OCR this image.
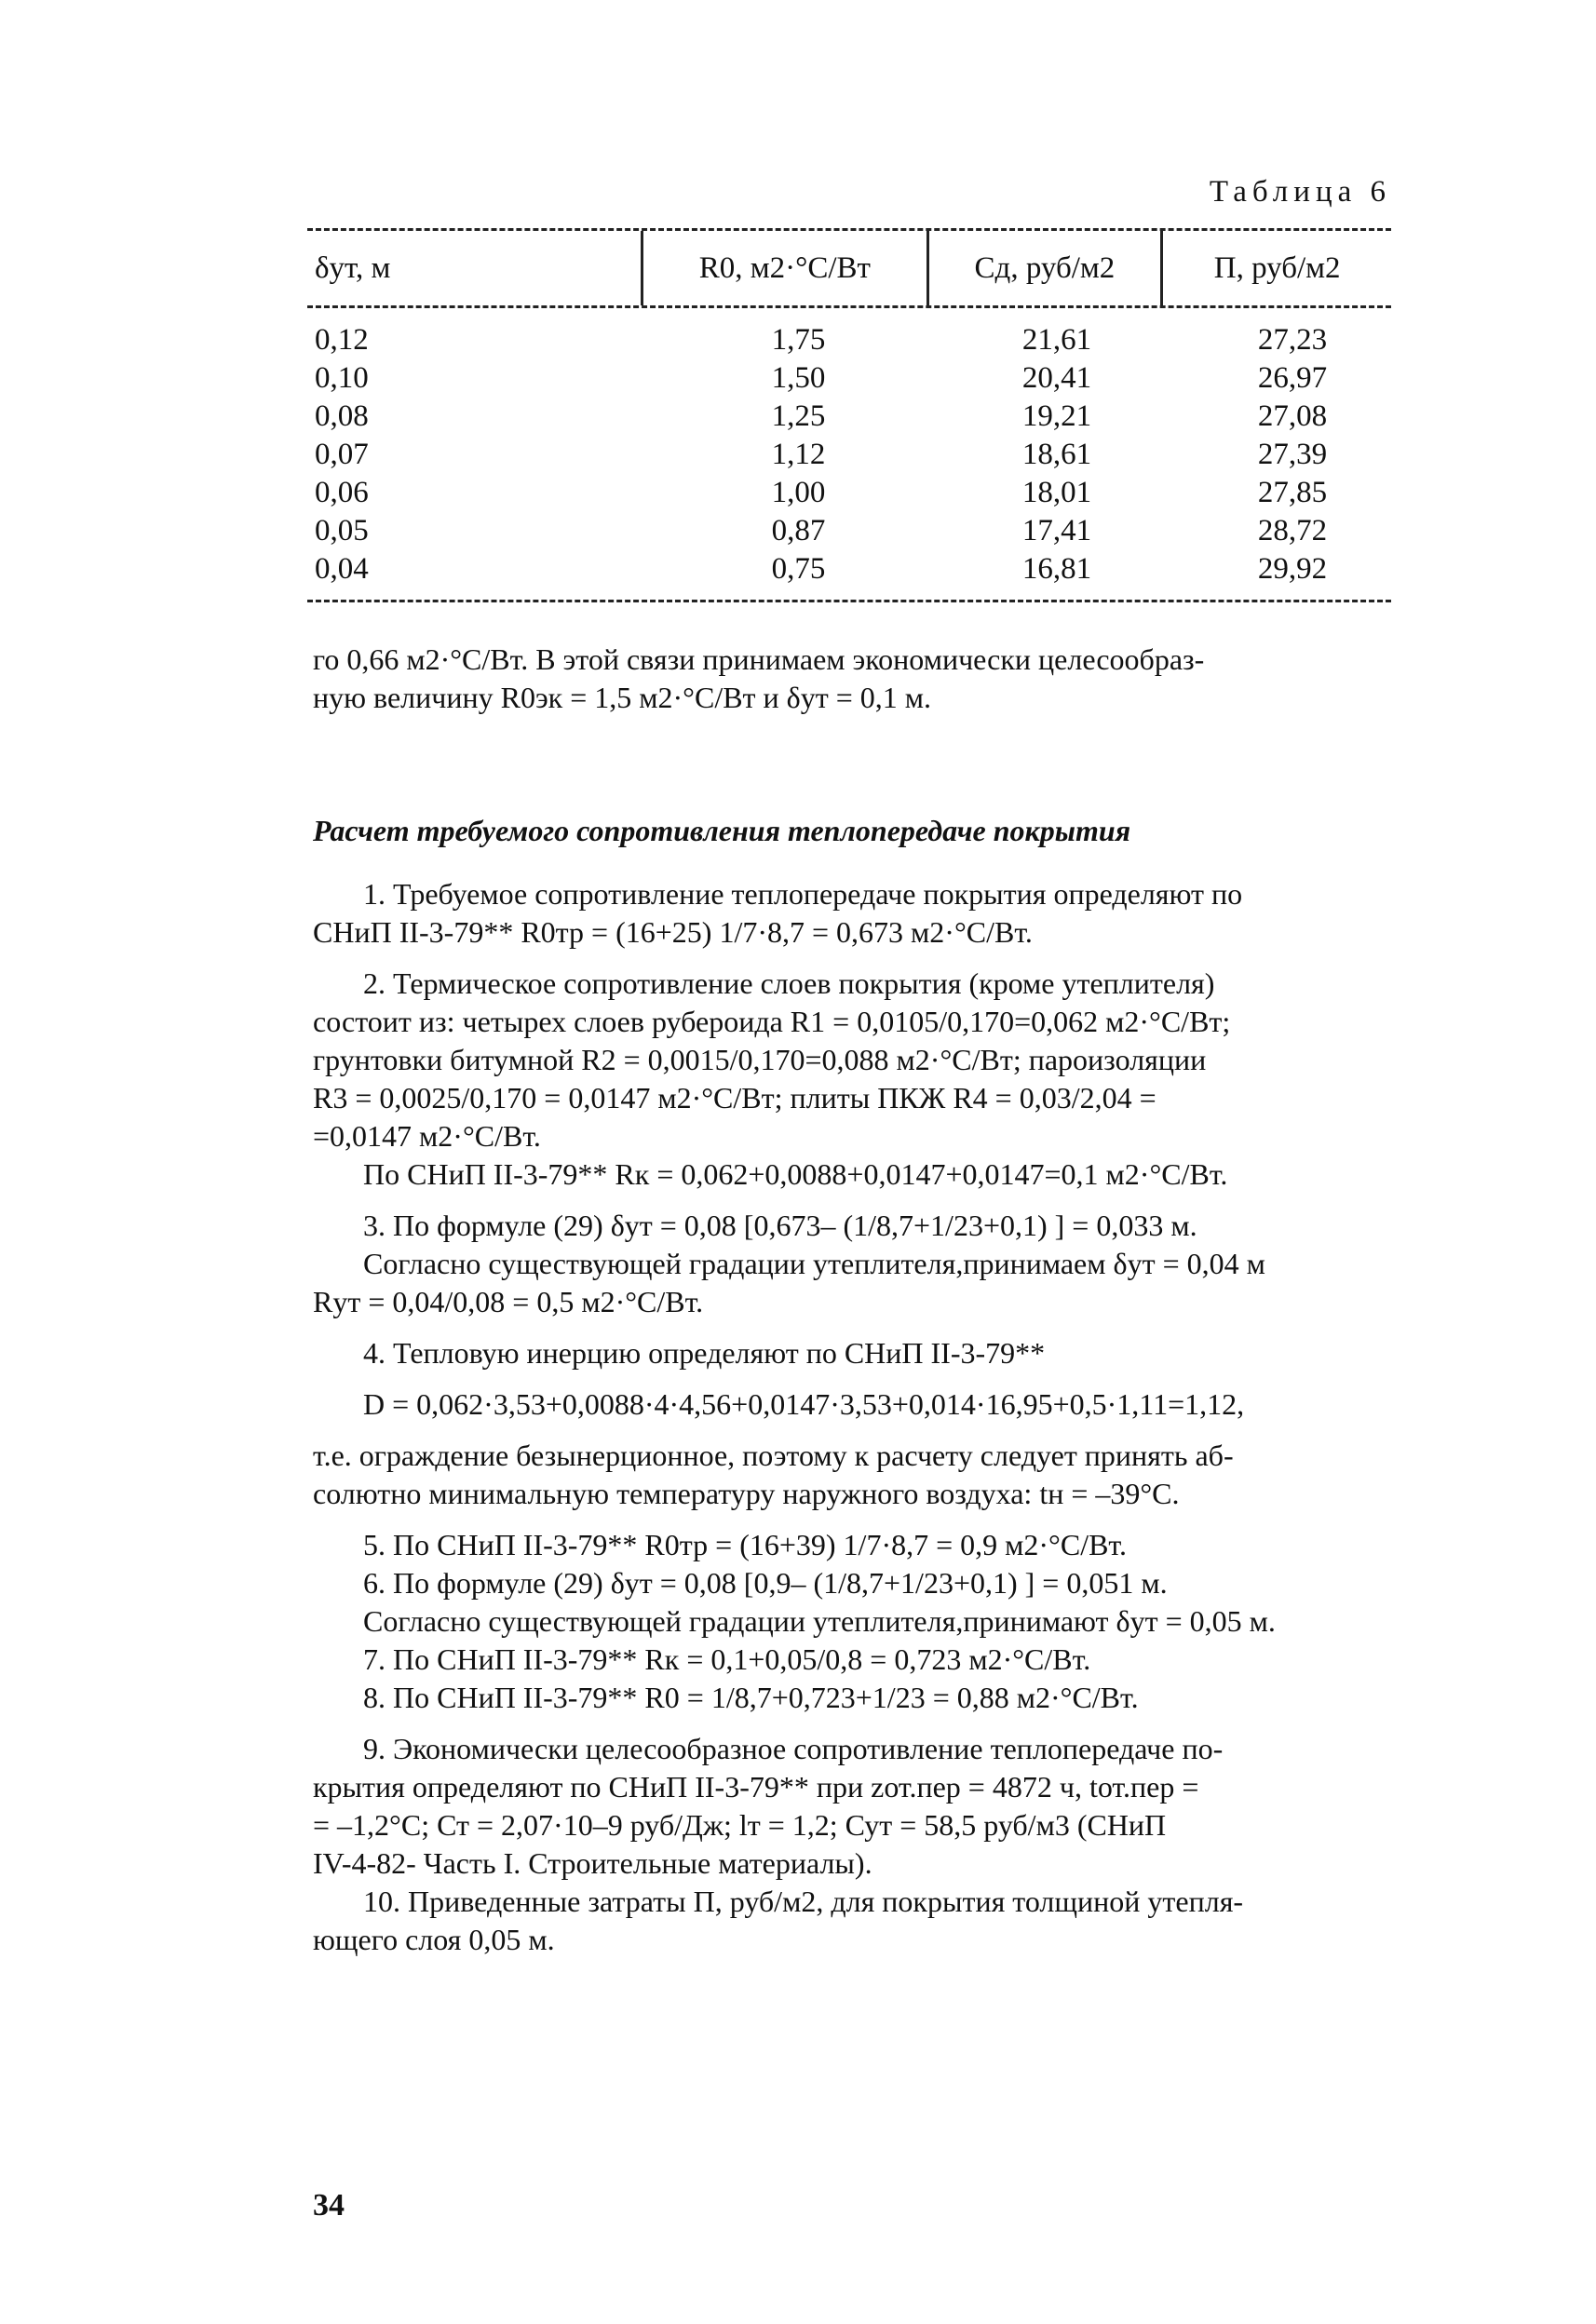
Таблица 6
δут, м	R0, м2·°С/Вт	Сд, руб/м2	П, руб/м2
0,12	1,75	21,61	27,23
0,10	1,50	20,41	26,97
0,08	1,25	19,21	27,08
0,07	1,12	18,61	27,39
0,06	1,00	18,01	27,85
0,05	0,87	17,41	28,72
0,04	0,75	16,81	29,92

го 0,66 м2·°С/Вт. В этой связи принимаем экономически целесообраз-

ную величину R0эк = 1,5 м2·°С/Вт и δут = 0,1 м.

Расчет требуемого сопротивления теплопередаче покрытия

1. Требуемое сопротивление теплопередаче покрытия определяют по

СНиП II-3-79** R0тр = (16+25) 1/7·8,7 = 0,673 м2·°С/Вт.

2. Термическое сопротивление слоев покрытия (кроме утеплителя)

состоит из: четырех слоев рубероида R1 = 0,0105/0,170=0,062 м2·°С/Вт;

грунтовки битумной R2 = 0,0015/0,170=0,088 м2·°С/Вт; пароизоляции

R3 = 0,0025/0,170 = 0,0147 м2·°С/Вт; плиты ПКЖ R4 = 0,03/2,04 =

=0,0147 м2·°С/Вт.

По СНиП II-3-79** Rк = 0,062+0,0088+0,0147+0,0147=0,1 м2·°С/Вт.

3. По формуле (29) δут = 0,08 [0,673– (1/8,7+1/23+0,1) ] = 0,033 м.

Согласно существующей градации утеплителя,принимаем δут = 0,04 м

Rут = 0,04/0,08 = 0,5 м2·°С/Вт.

4. Тепловую инерцию определяют по СНиП II-3-79**

D = 0,062·3,53+0,0088·4·4,56+0,0147·3,53+0,014·16,95+0,5·1,11=1,12,

т.е. ограждение безынерционное, поэтому к расчету следует принять аб-

солютно минимальную температуру наружного воздуха: tн = –39°С.

5. По СНиП II-3-79** R0тр = (16+39) 1/7·8,7 = 0,9 м2·°С/Вт.

6. По формуле (29) δут = 0,08 [0,9– (1/8,7+1/23+0,1) ] = 0,051 м.

Согласно существующей градации утеплителя,принимают δут = 0,05 м.

7. По СНиП II-3-79** Rк = 0,1+0,05/0,8 = 0,723 м2·°С/Вт.

8. По СНиП II-3-79** R0 = 1/8,7+0,723+1/23 = 0,88 м2·°С/Вт.

9. Экономически целесообразное сопротивление теплопередаче по-

крытия определяют по СНиП II-3-79** при zот.пер = 4872 ч, tот.пер =

= –1,2°С; Ст = 2,07·10–9 руб/Дж; lт = 1,2; Сут = 58,5 руб/м3 (СНиП

IV-4-82- Часть I. Строительные материалы).

10. Приведенные затраты П, руб/м2, для покрытия толщиной утепля-

ющего слоя 0,05 м.

34
